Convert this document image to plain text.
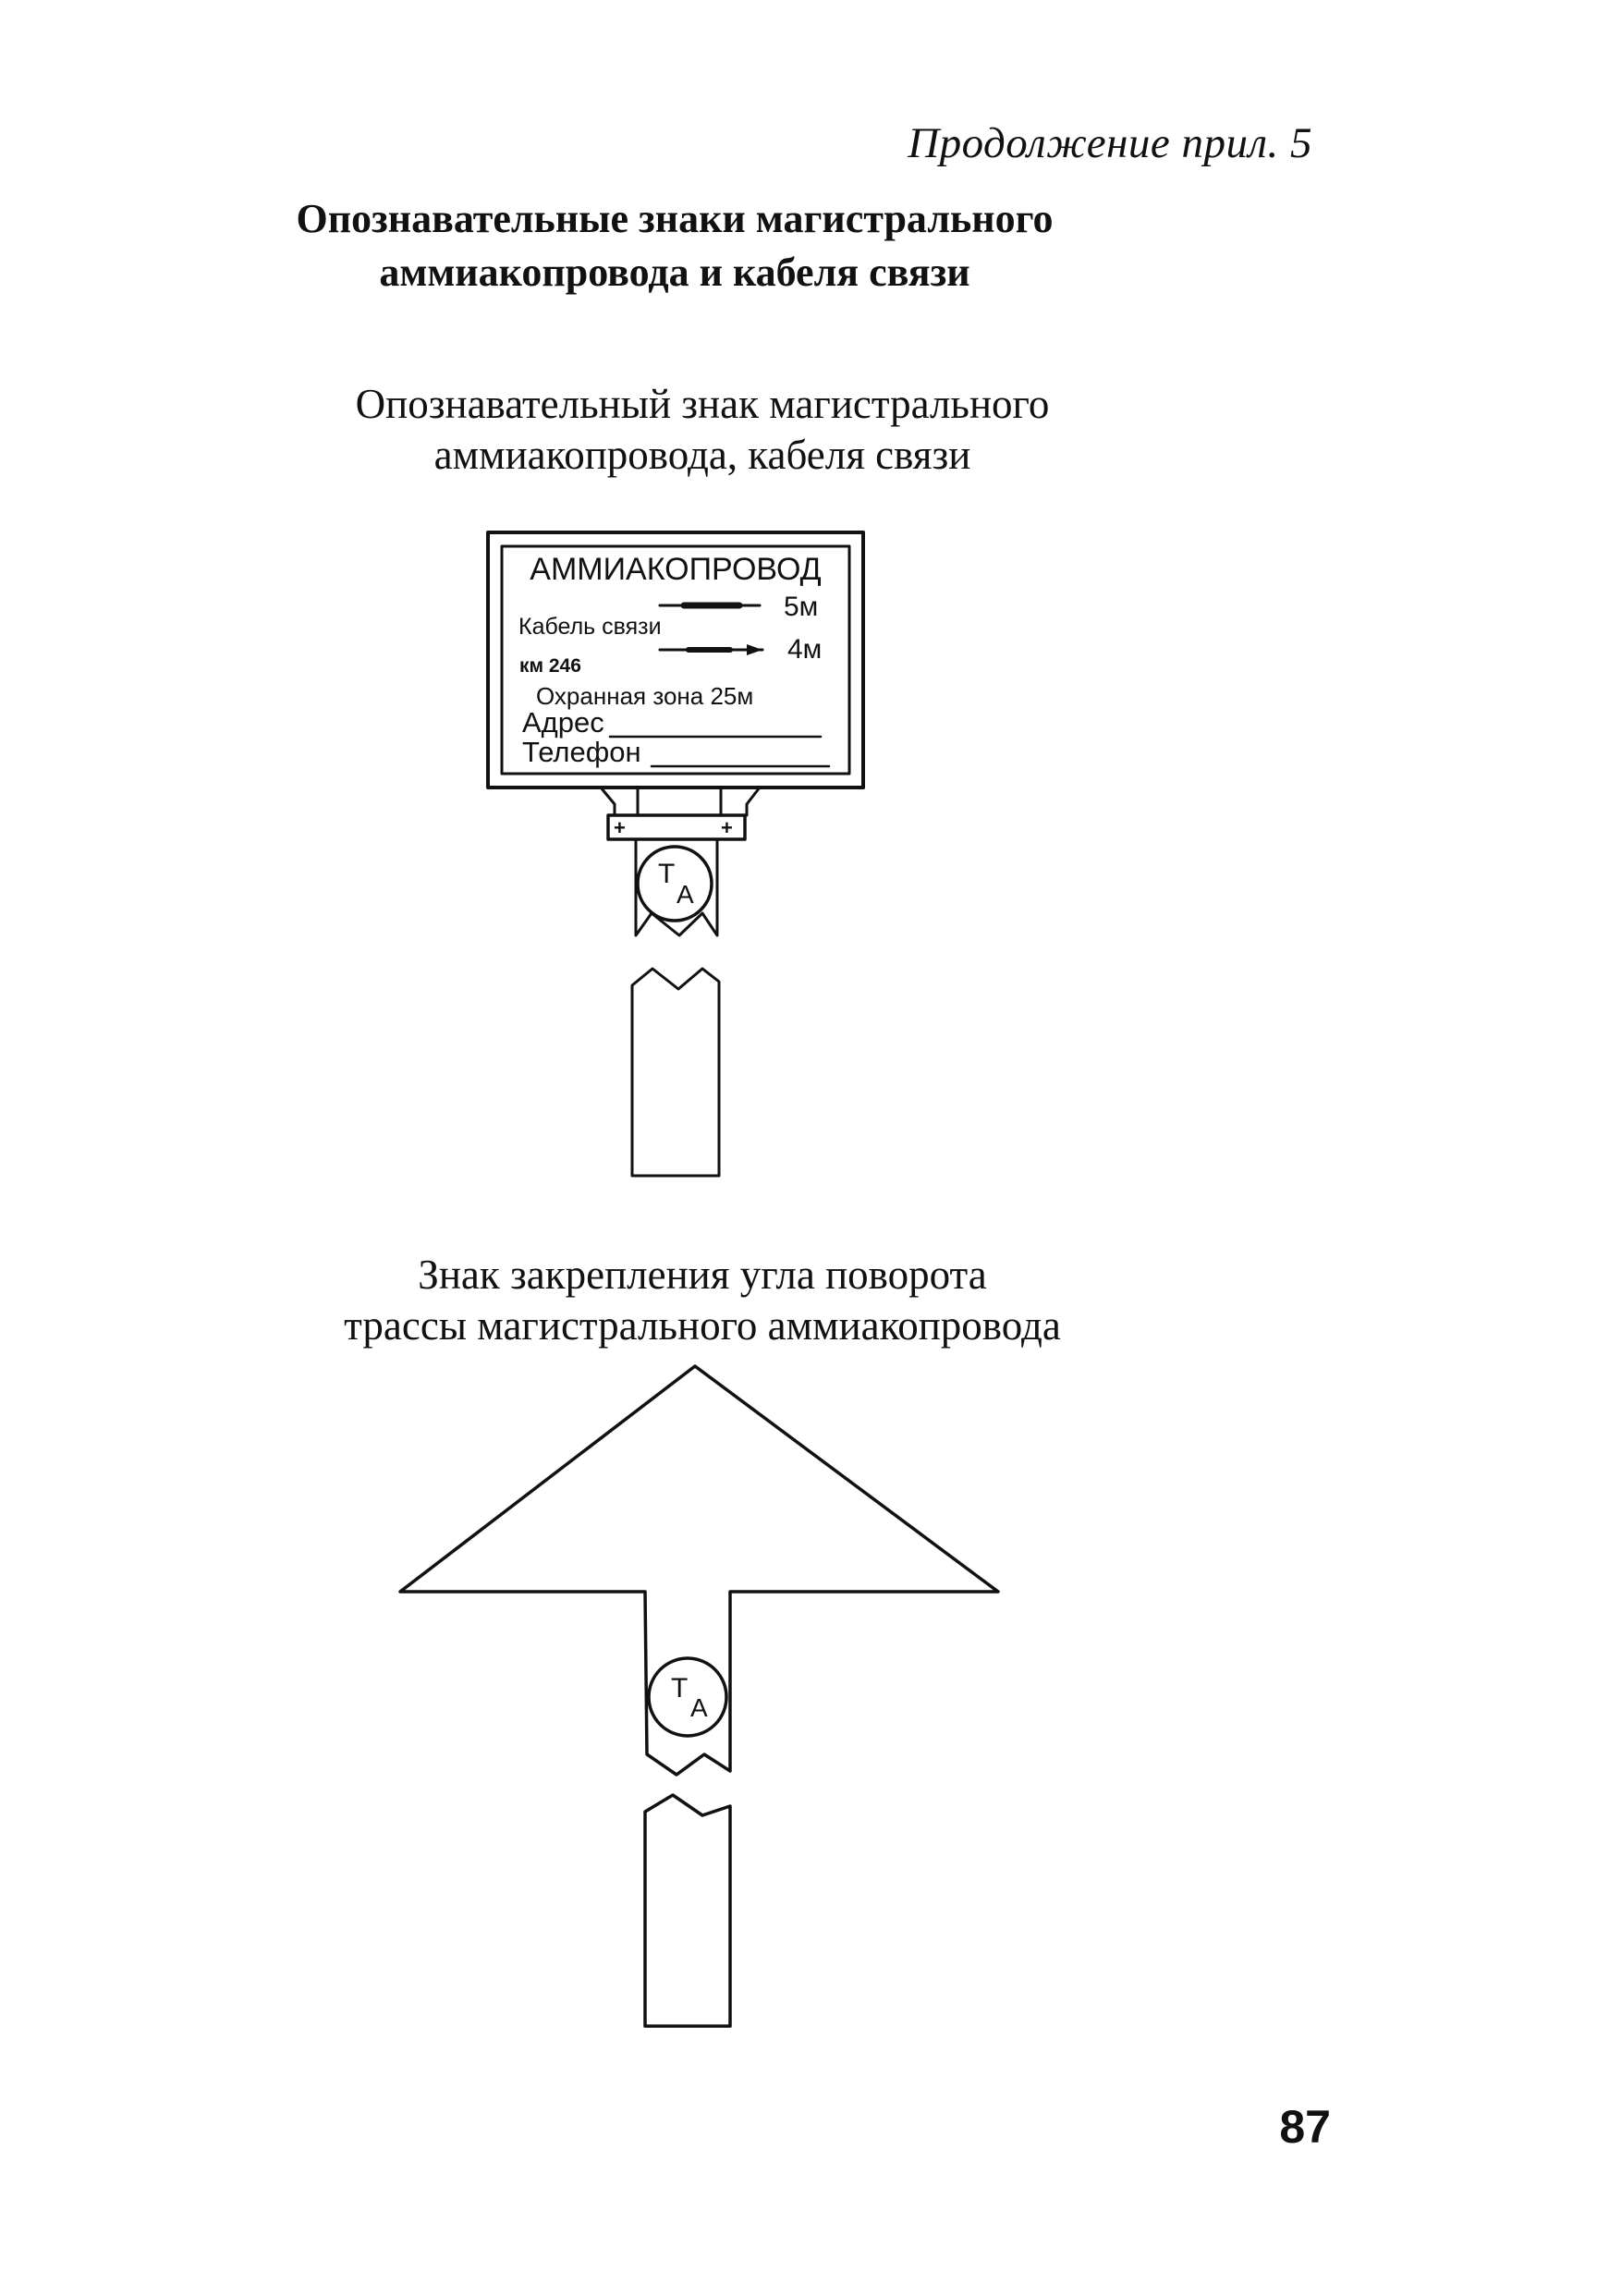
Продолжение прил. 5
Опознавательные знаки магистрального
аммиакопровода и кабеля связи
Опознавательный знак магистрального
аммиакопровода, кабеля связи
Знак закрепления угла поворота
трассы магистрального аммиакопровода
АММИАКОПРОВОД
5м
Кабель связи
4м
км 246
Охранная зона 25м
Адрес
Телефон
+	+
Т
А
Т
А
87
